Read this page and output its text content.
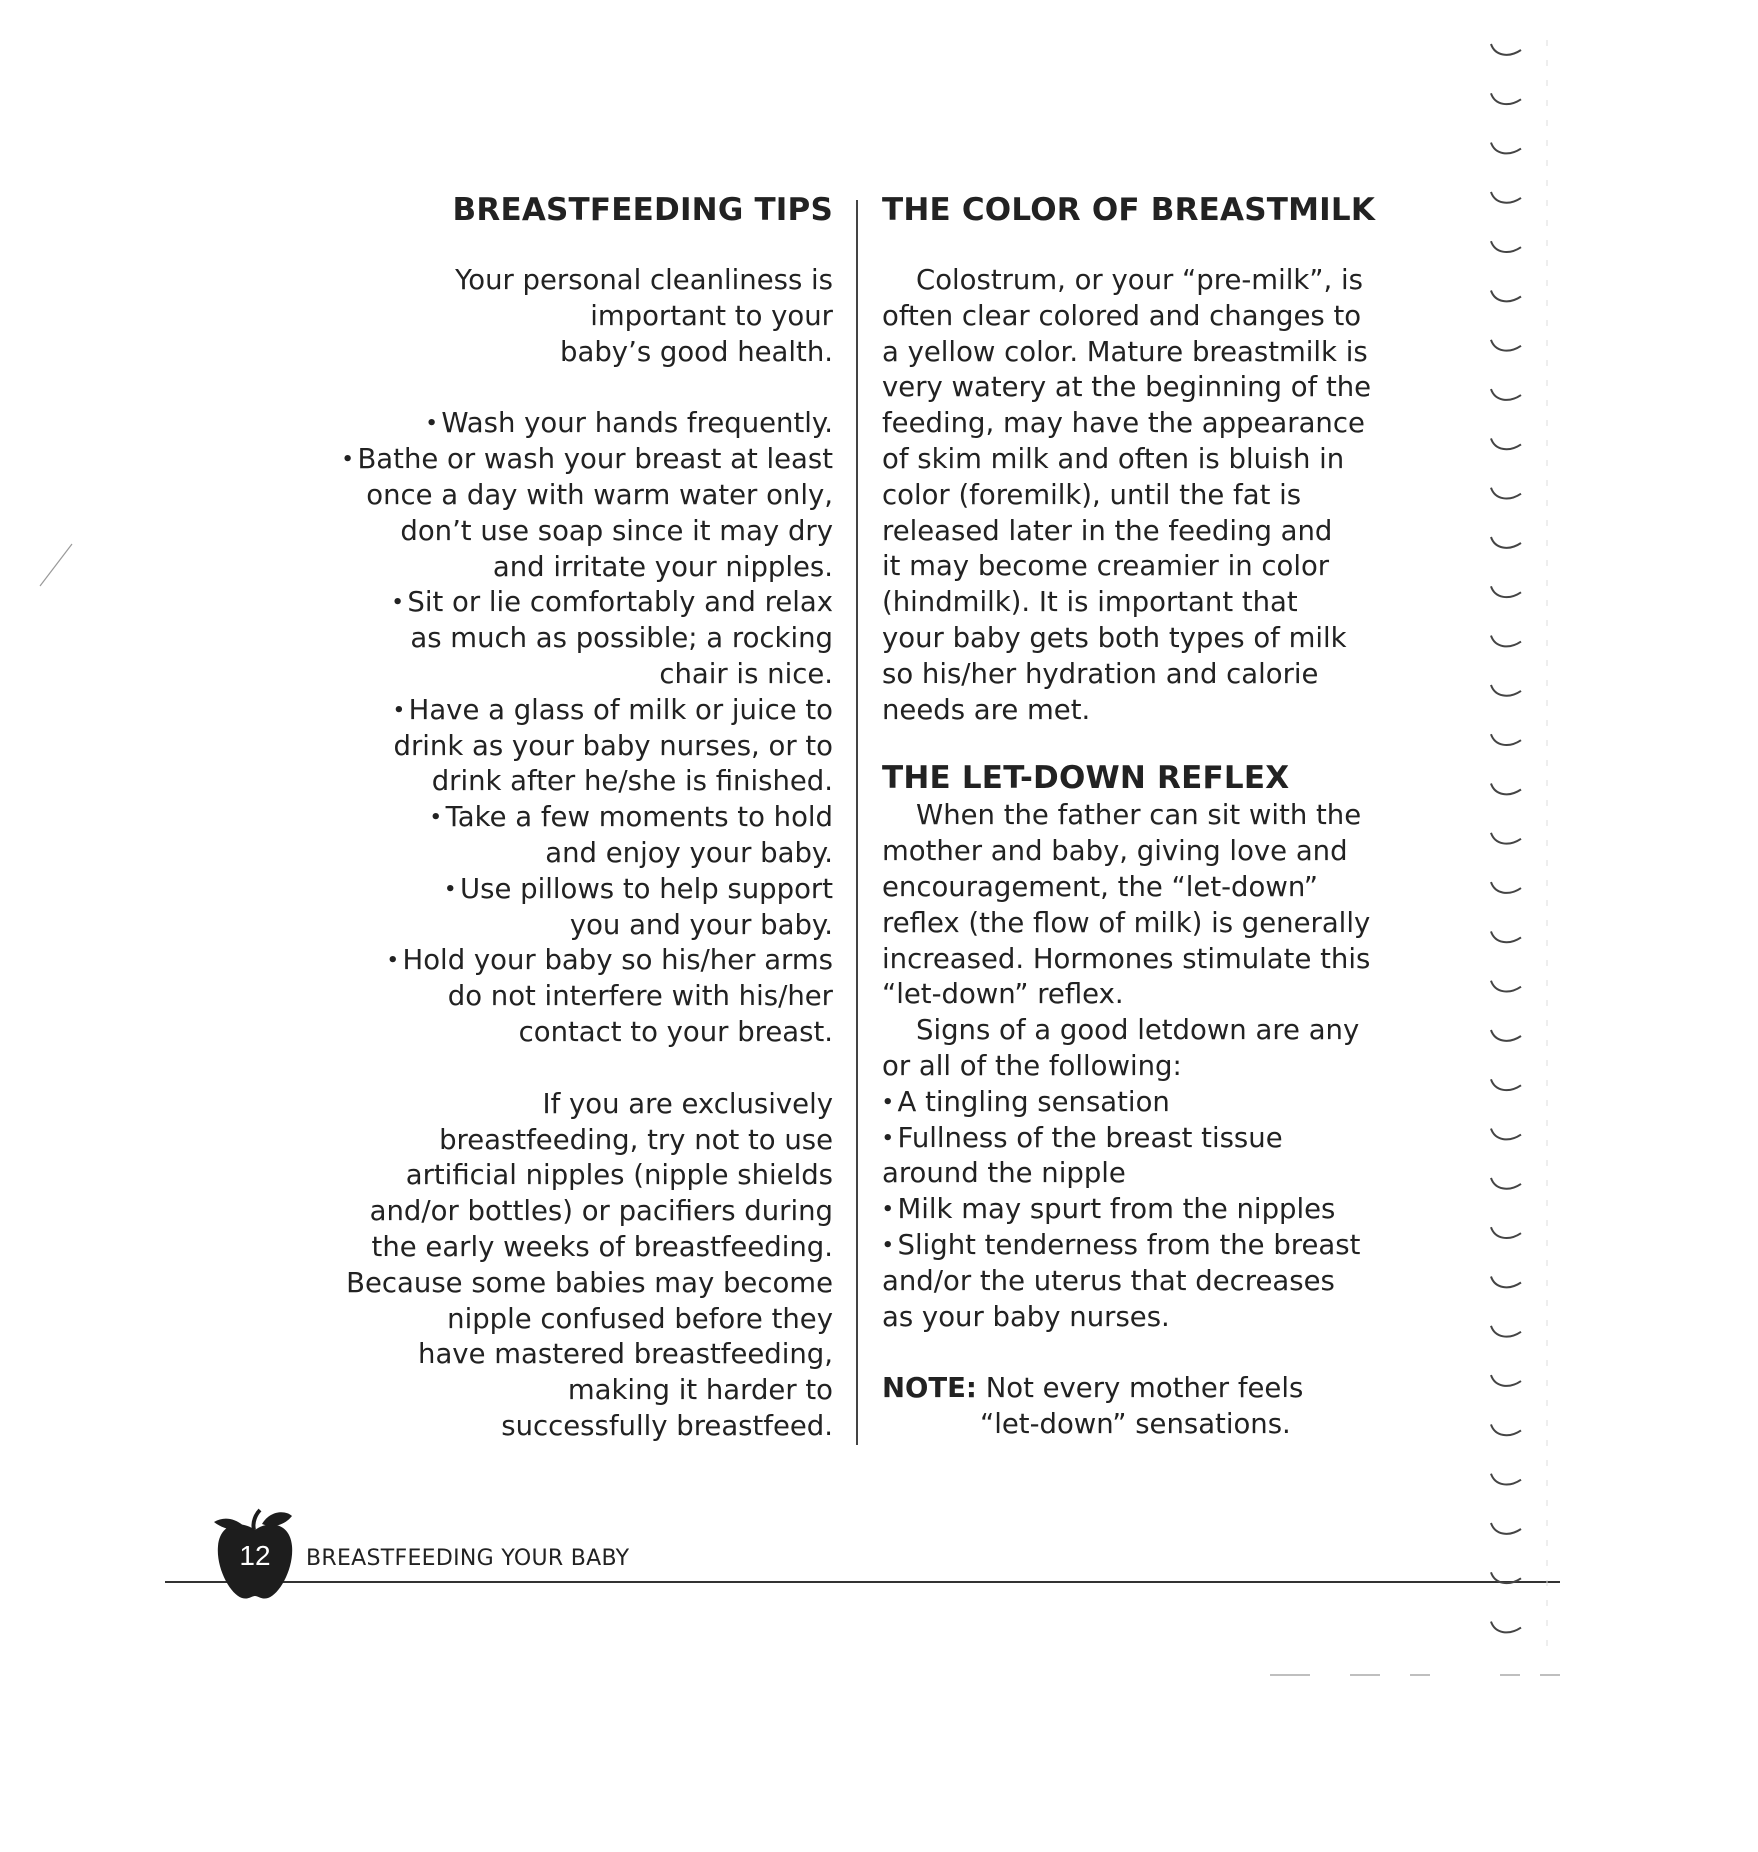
BREASTFEEDING TIPS

Your personal cleanliness is

important to your

baby’s good health.

• Wash your hands frequently.

• Bathe or wash your breast at least

once a day with warm water only,

don’t use soap since it may dry

and irritate your nipples.

• Sit or lie comfortably and relax

as much as possible; a rocking

chair is nice.

• Have a glass of milk or juice to

drink as your baby nurses, or to

drink after he/she is finished.

• Take a few moments to hold

and enjoy your baby.

• Use pillows to help support

you and your baby.

• Hold your baby so his/her arms

do not interfere with his/her

contact to your breast.

If you are exclusively

breastfeeding, try not to use

artificial nipples (nipple shields

and/or bottles) or pacifiers during

the early weeks of breastfeeding.

Because some babies may become

nipple confused before they

have mastered breastfeeding,

making it harder to

successfully breastfeed.

THE COLOR OF BREASTMILK

Colostrum, or your “pre-milk”, is

often clear colored and changes to

a yellow color. Mature breastmilk is

very watery at the beginning of the

feeding, may have the appearance

of skim milk and often is bluish in

color (foremilk), until the fat is

released later in the feeding and

it may become creamier in color

(hindmilk). It is important that

your baby gets both types of milk

so his/her hydration and calorie

needs are met.

THE LET-DOWN REFLEX

When the father can sit with the

mother and baby, giving love and

encouragement, the “let-down”

reflex (the flow of milk) is generally

increased. Hormones stimulate this

“let-down” reflex.

Signs of a good letdown are any

or all of the following:

• A tingling sensation

• Fullness of the breast tissue

around the nipple

• Milk may spurt from the nipples

• Slight tenderness from the breast

and/or the uterus that decreases

as your baby nurses.

NOTE: Not every mother feels

“let-down” sensations.

12	BREASTFEEDING YOUR BABY
